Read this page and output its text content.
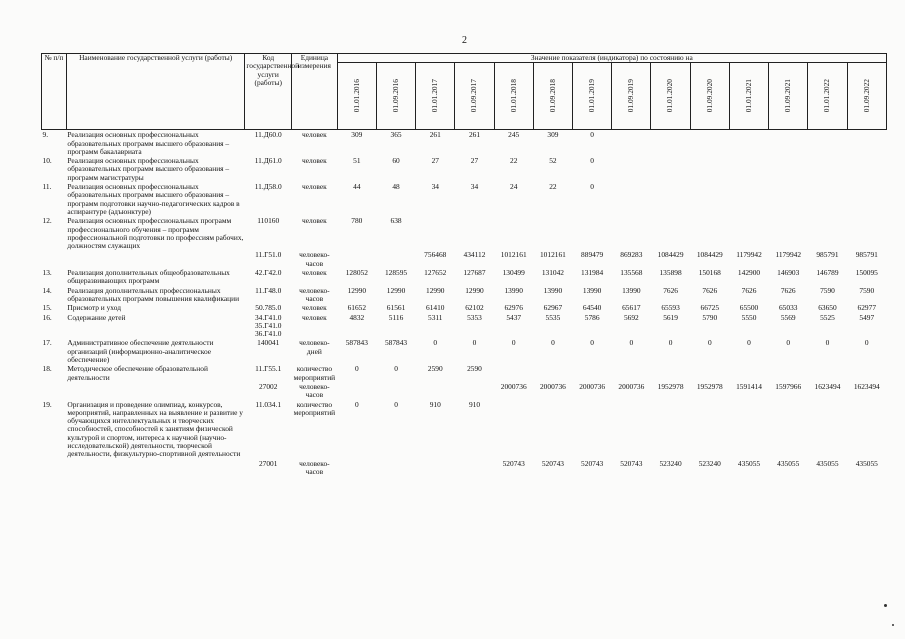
2
№ п/п	Наименование государственной услуги (работы)	Код государственной услуги (работы)	Единица измерения	Значение показателя (индикатора) по состоянию на													
				01.01.2016	01.09.2016	01.01.2017	01.09.2017	01.01.2018	01.09.2018	01.01.2019	01.09.2019	01.01.2020	01.09.2020	01.01.2021	01.09.2021	01.01.2022	01.09.2022
9.	Реализация основных профессиональных образовательных программ высшего образования – программ бакалавриата	11.Д60.0	человек	309	365	261	261	245	309	0							
10.	Реализация основных профессиональных образовательных программ высшего образования – программ магистратуры	11.Д61.0	человек	51	60	27	27	22	52	0							
11.	Реализация основных профессиональных образовательных программ высшего образования – программ подготовки научно-педагогических кадров в аспирантуре (адъюнктуре)	11.Д58.0	человек	44	48	34	34	24	22	0							
12.	Реализация основных профессиональных программ профессионального обучения – программ профессиональной подготовки по профессиям рабочих, должностям служащих	110160	человек	780	638												
		11.Г51.0	человеко-часов			756468	434112	1012161	1012161	889479	869283	1084429	1084429	1179942	1179942	985791	985791
13.	Реализация дополнительных общеобразовательных общеразвивающих программ	42.Г42.0	человек	128052	128595	127652	127687	130499	131042	131984	135568	135898	150168	142900	146903	146789	150095
14.	Реализация дополнительных профессиональных образовательных программ повышения квалификации	11.Г48.0	человеко-часов	12990	12990	12990	12990	13990	13990	13990	13990	7626	7626	7626	7626	7590	7590
15.	Присмотр и уход	50.785.0	человек	61652	61561	61410	62102	62976	62967	64540	65617	65593	66725	65500	65033	63650	62977
16.	Содержание детей	34.Г41.0 35.Г41.0 36.Г41.0	человек	4832	5116	5311	5353	5437	5535	5786	5692	5619	5790	5550	5569	5525	5497
17.	Административное обеспечение деятельности организаций (информационно-аналитическое обеспечение)	140041	человеко-дней	587843	587843	0	0	0	0	0	0	0	0	0	0	0	0
18.	Методическое обеспечение образовательной деятельности	11.Г55.1	количество мероприятий	0	0	2590	2590										
		27002	человеко-часов					2000736	2000736	2000736	2000736	1952978	1952978	1591414	1597966	1623494	1623494
19.	Организация и проведение олимпиад, конкурсов, мероприятий, направленных на выявление и развитие у обучающихся интеллектуальных и творческих способностей, способностей к занятиям физической культурой и спортом, интереса к научной (научно-исследовательской) деятельности, творческой деятельности, физкультурно-спортивной деятельности	11.034.1	количество мероприятий	0	0	910	910										
		27001	человеко-часов					520743	520743	520743	520743	523240	523240	435055	435055	435055	435055
